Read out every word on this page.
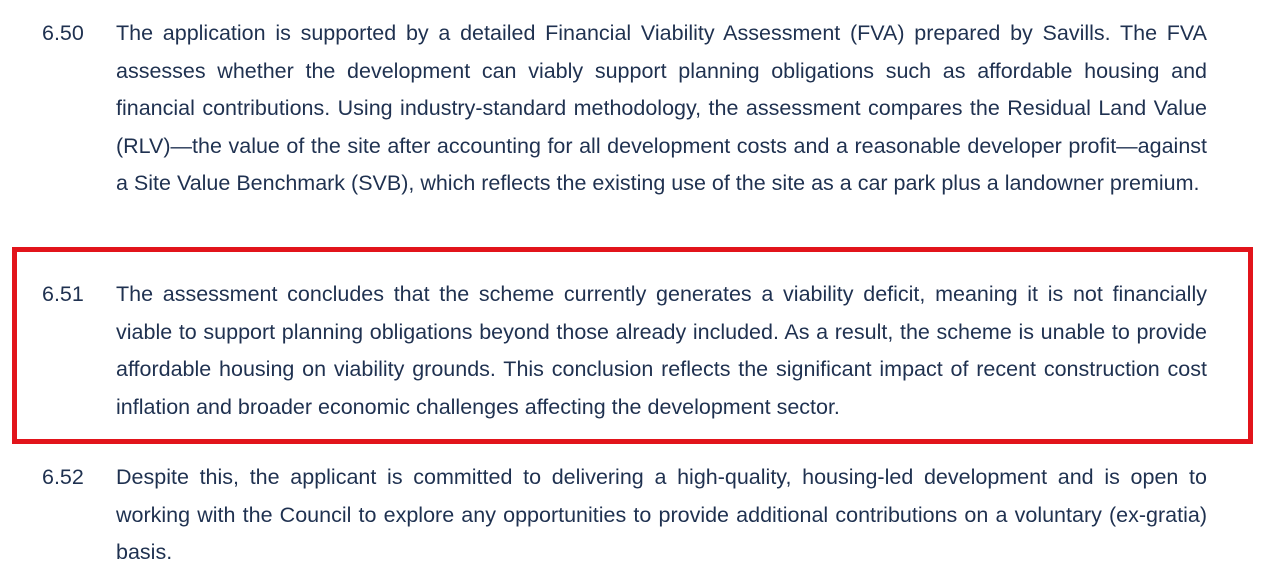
6.50 The application is supported by a detailed Financial Viability Assessment (FVA) prepared by Savills. The FVA assesses whether the development can viably support planning obligations such as affordable housing and financial contributions. Using industry-standard methodology, the assessment compares the Residual Land Value (RLV)—the value of the site after accounting for all development costs and a reasonable developer profit—against a Site Value Benchmark (SVB), which reflects the existing use of the site as a car park plus a landowner premium.

6.51 The assessment concludes that the scheme currently generates a viability deficit, meaning it is not financially viable to support planning obligations beyond those already included. As a result, the scheme is unable to provide affordable housing on viability grounds. This conclusion reflects the significant impact of recent construction cost inflation and broader economic challenges affecting the development sector.

6.52 Despite this, the applicant is committed to delivering a high-quality, housing-led development and is open to working with the Council to explore any opportunities to provide additional contributions on a voluntary (ex-gratia) basis.
